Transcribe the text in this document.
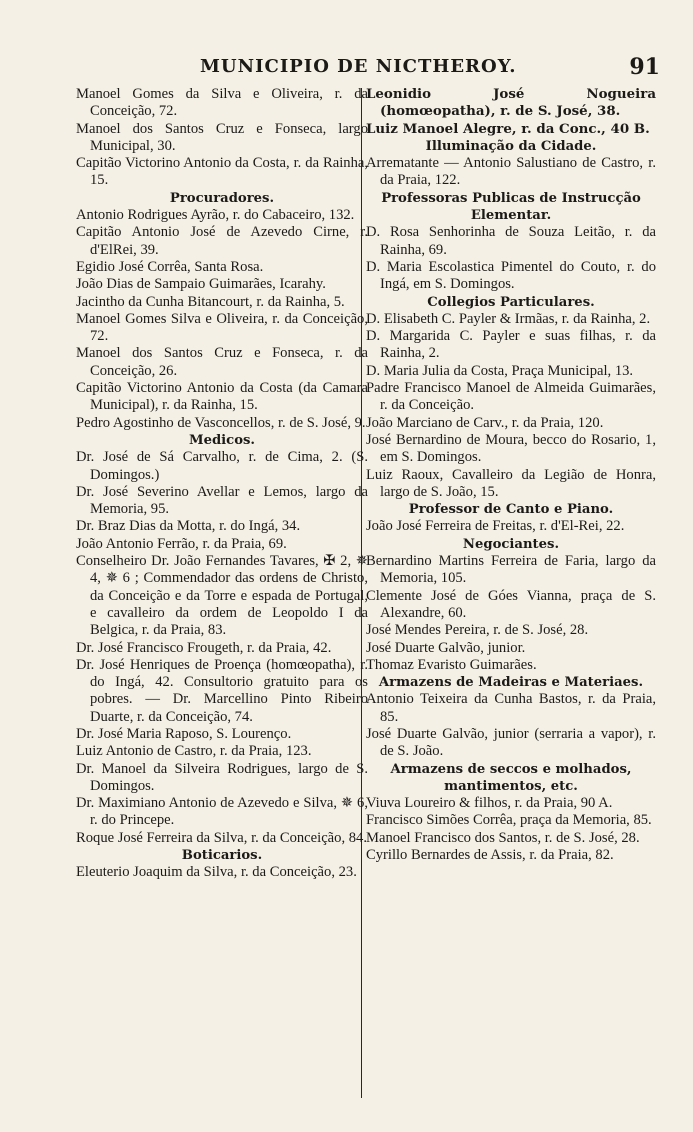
MUNICIPIO DE NICTHEROY.	91
Manoel Gomes da Silva e Oliveira, r. da Conceição, 72.
Manoel dos Santos Cruz e Fonseca, largo Municipal, 30.
Capitão Victorino Antonio da Costa, r. da Rainha, 15.
Procuradores.
Antonio Rodrigues Ayrão, r. do Cabaceiro, 132.
Capitão Antonio José de Azevedo Cirne, r. d'ElRei, 39.
Egidio José Corrêa, Santa Rosa.
João Dias de Sampaio Guimarães, Icarahy.
Jacintho da Cunha Bitancourt, r. da Rainha, 5.
Manoel Gomes Silva e Oliveira, r. da Conceição, 72.
Manoel dos Santos Cruz e Fonseca, r. da Conceição, 26.
Capitão Victorino Antonio da Costa (da Camara Municipal), r. da Rainha, 15.
Pedro Agostinho de Vasconcellos, r. de S. José, 9.
Medicos.
Dr. José de Sá Carvalho, r. de Cima, 2. (S. Domingos.)
Dr. José Severino Avellar e Lemos, largo da Memoria, 95.
Dr. Braz Dias da Motta, r. do Ingá, 34.
João Antonio Ferrão, r. da Praia, 69.
Conselheiro Dr. João Fernandes Tavares, ✠ 2, ✵ 4, ✵ 6 ; Commendador das ordens de Christo, da Conceição e da Torre e espada de Portugal, e cavalleiro da ordem de Leopoldo I da Belgica, r. da Praia, 83.
Dr. José Francisco Frougeth, r. da Praia, 42.
Dr. José Henriques de Proença (homœopatha), r. do Ingá, 42. Consultorio gratuito para os pobres. — Dr. Marcellino Pinto Ribeiro Duarte, r. da Conceição, 74.
Dr. José Maria Raposo, S. Lourenço.
Luiz Antonio de Castro, r. da Praia, 123.
Dr. Manoel da Silveira Rodrigues, largo de S. Domingos.
Dr. Maximiano Antonio de Azevedo e Silva, ✵ 6, r. do Princepe.
Roque José Ferreira da Silva, r. da Conceição, 84.
Boticarios.
Eleuterio Joaquim da Silva, r. da Conceição, 23.
Leonidio José Nogueira (homœopatha), r. de S. José, 38.
Luiz Manoel Alegre, r. da Conc., 40 B.
Illuminação da Cidade.
Arrematante — Antonio Salustiano de Castro, r. da Praia, 122.
Professoras Publicas de Instrucção Elementar.
D. Rosa Senhorinha de Souza Leitão, r. da Rainha, 69.
D. Maria Escolastica Pimentel do Couto, r. do Ingá, em S. Domingos.
Collegios Particulares.
D. Elisabeth C. Payler & Irmãas, r. da Rainha, 2.
D. Margarida C. Payler e suas filhas, r. da Rainha, 2.
D. Maria Julia da Costa, Praça Municipal, 13.
Padre Francisco Manoel de Almeida Guimarães, r. da Conceição.
João Marciano de Carv., r. da Praia, 120.
José Bernardino de Moura, becco do Rosario, 1, em S. Domingos.
Luiz Raoux, Cavalleiro da Legião de Honra, largo de S. João, 15.
Professor de Canto e Piano.
João José Ferreira de Freitas, r. d'El-Rei, 22.
Negociantes.
Bernardino Martins Ferreira de Faria, largo da Memoria, 105.
Clemente José de Góes Vianna, praça de S. Alexandre, 60.
José Mendes Pereira, r. de S. José, 28.
José Duarte Galvão, junior.
Thomaz Evaristo Guimarães.
Armazens de Madeiras e Materiaes.
Antonio Teixeira da Cunha Bastos, r. da Praia, 85.
José Duarte Galvão, junior (serraria a vapor), r. de S. João.
Armazens de seccos e molhados, mantimentos, etc.
Viuva Loureiro & filhos, r. da Praia, 90 A.
Francisco Simões Corrêa, praça da Memoria, 85.
Manoel Francisco dos Santos, r. de S. José, 28.
Cyrillo Bernardes de Assis, r. da Praia, 82.
